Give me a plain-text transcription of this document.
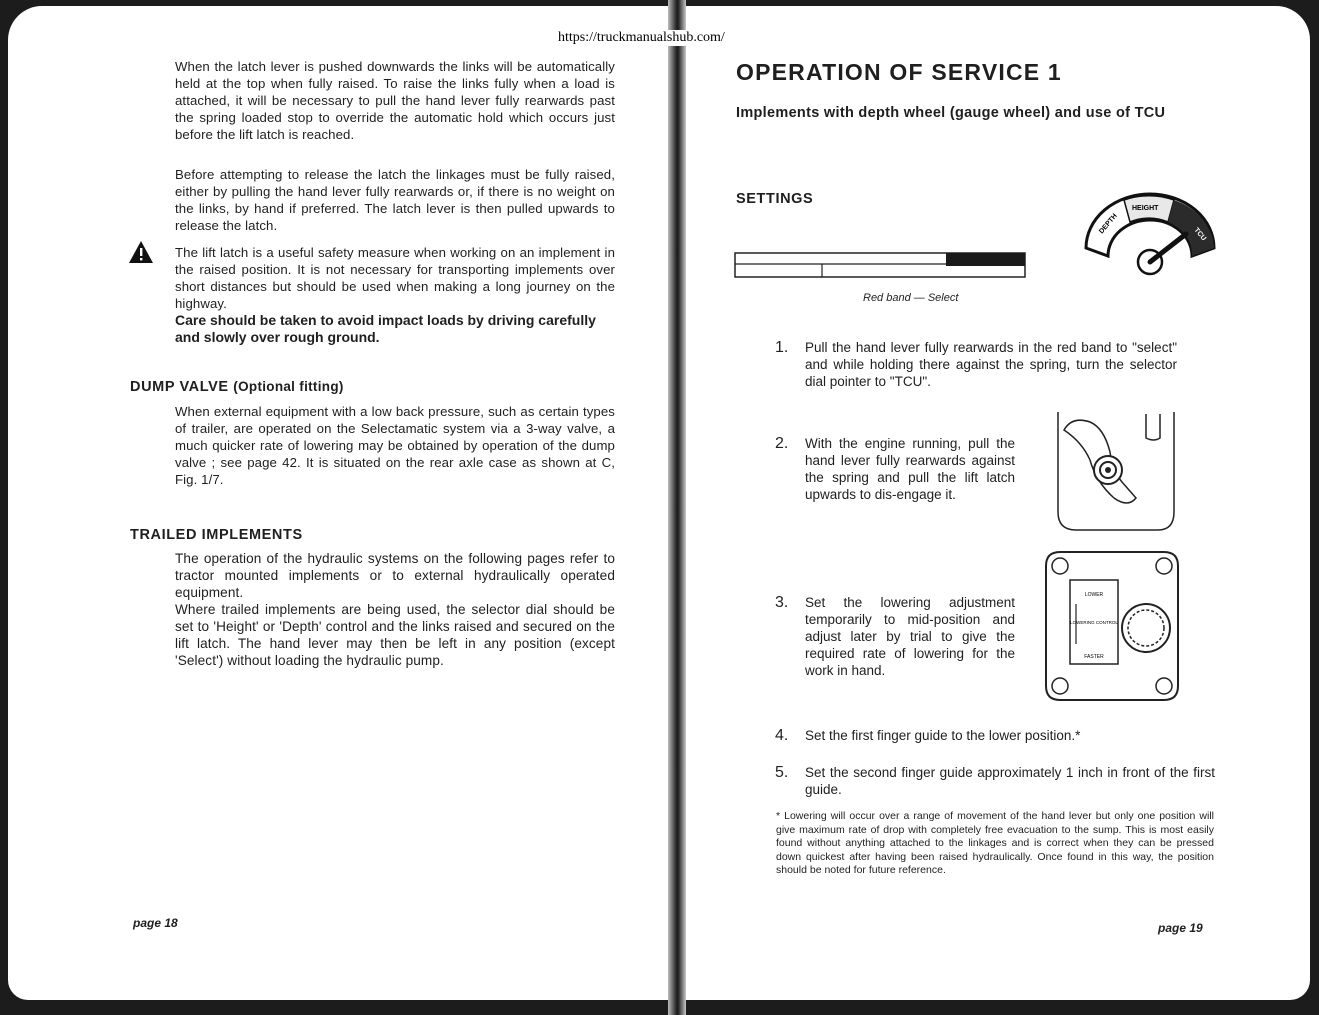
https://truckmanualshub.com/

When the latch lever is pushed downwards the links will be automatically held at the top when fully raised. To raise the links fully when a load is attached, it will be necessary to pull the hand lever fully rearwards past the spring loaded stop to override the automatic hold which occurs just before the lift latch is reached.

Before attempting to release the latch the linkages must be fully raised, either by pulling the hand lever fully rearwards or, if there is no weight on the links, by hand if preferred. The latch lever is then pulled upwards to release the latch.

The lift latch is a useful safety measure when working on an implement in the raised position. It is not necessary for transporting implements over short distances but should be used when making a long journey on the highway.

Care should be taken to avoid impact loads by driving carefully and slowly over rough ground.

DUMP VALVE (Optional fitting)

When external equipment with a low back pressure, such as certain types of trailer, are operated on the Selectamatic system via a 3-way valve, a much quicker rate of lowering may be obtained by operation of the dump valve ; see page 42. It is situated on the rear axle case as shown at C, Fig. 1/7.

TRAILED IMPLEMENTS

The operation of the hydraulic systems on the following pages refer to tractor mounted implements or to external hydraulically operated equipment.

Where trailed implements are being used, the selector dial should be set to 'Height' or 'Depth' control and the links raised and secured on the lift latch. The hand lever may then be left in any position (except 'Select') without loading the hydraulic pump.

page 18
OPERATION OF SERVICE 1

Implements with depth wheel (gauge wheel) and use of TCU

SETTINGS
Red band — Select
DEPTH
HEIGHT
TCU
1. Pull the hand lever fully rearwards in the red band to "select" and while holding there against the spring, turn the selector dial pointer to "TCU".

2. With the engine running, pull the hand lever fully rearwards against the spring and pull the lift latch upwards to dis-engage it.

3. Set the lowering adjustment temporarily to mid-position and adjust later by trial to give the required rate of lowering for the work in hand.

LOWER
LOWERING CONTROL
FASTER
4. Set the first finger guide to the lower position.*

5. Set the second finger guide approximately 1 inch in front of the first guide.

* Lowering will occur over a range of movement of the hand lever but only one position will give maximum rate of drop with completely free evacuation to the sump. This is most easily found without anything attached to the linkages and is correct when they can be pressed down quickest after having been raised hydraulically. Once found in this way, the position should be noted for future reference.

page 19
